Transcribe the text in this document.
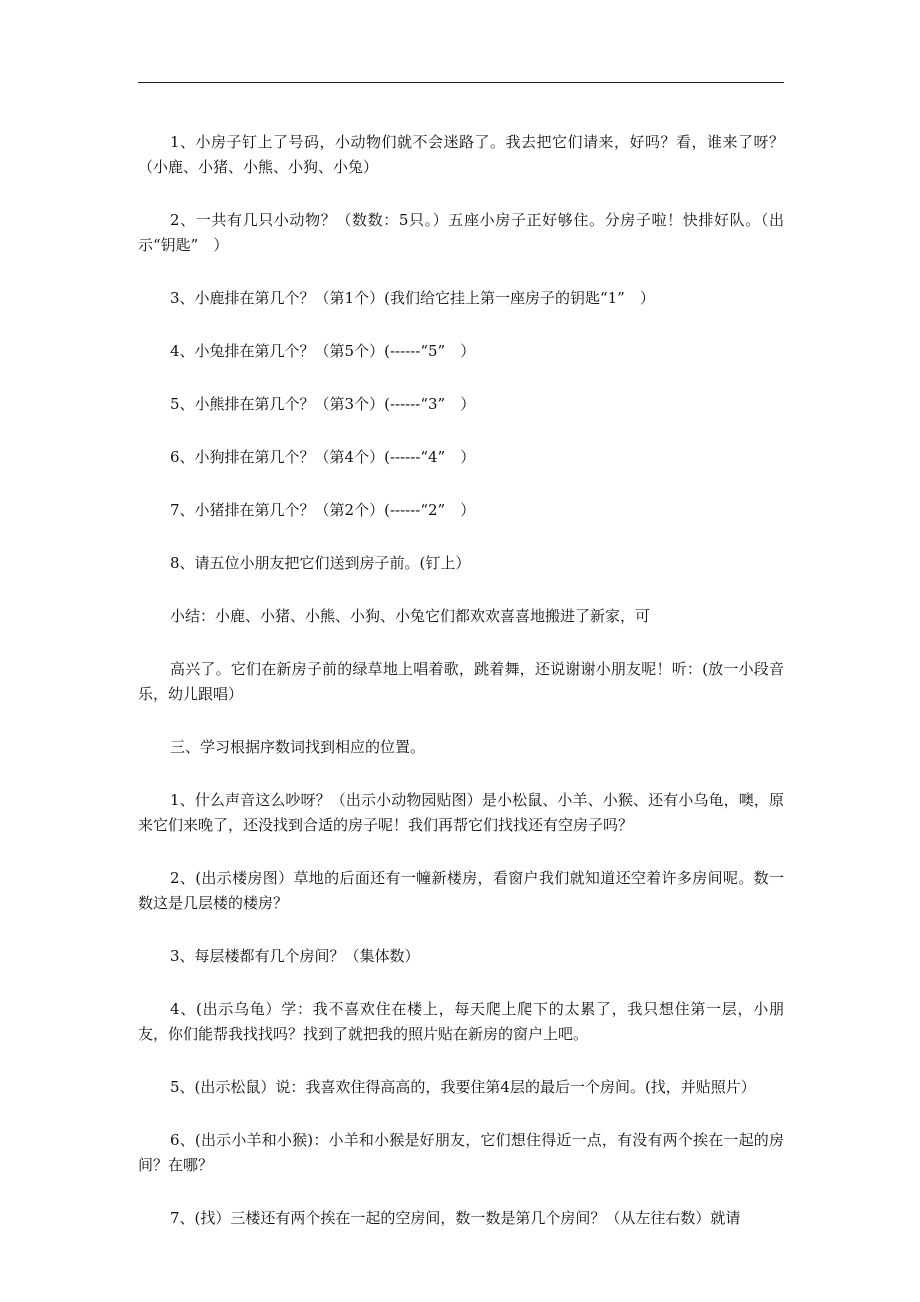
1、小房子钉上了号码，小动物们就不会迷路了。我去把它们请来，好吗？看，谁来了呀？（小鹿、小猪、小熊、小狗、小兔）

2、一共有几只小动物？（数数：5只。）五座小房子正好够住。分房子啦！快排好队。（出示“钥匙”　）

3、小鹿排在第几个？（第1个）(我们给它挂上第一座房子的钥匙“1”　）

4、小兔排在第几个？（第5个）(------“5”　）

5、小熊排在第几个？（第3个）(------“3”　）

6、小狗排在第几个？（第4个）(------“4”　）

7、小猪排在第几个？（第2个）(------“2”　）

8、请五位小朋友把它们送到房子前。(钉上）

小结：小鹿、小猪、小熊、小狗、小兔它们都欢欢喜喜地搬进了新家，可

高兴了。它们在新房子前的绿草地上唱着歌，跳着舞，还说谢谢小朋友呢！听：(放一小段音乐，幼儿跟唱）

三、学习根据序数词找到相应的位置。

1、什么声音这么吵呀？（出示小动物园贴图）是小松鼠、小羊、小猴、还有小乌龟，噢，原来它们来晚了，还没找到合适的房子呢！我们再帮它们找找还有空房子吗？

2、(出示楼房图）草地的后面还有一幢新楼房，看窗户我们就知道还空着许多房间呢。数一数这是几层楼的楼房？

3、每层楼都有几个房间？（集体数）

4、(出示乌龟）学：我不喜欢住在楼上，每天爬上爬下的太累了，我只想住第一层，小朋友，你们能帮我找找吗？找到了就把我的照片贴在新房的窗户上吧。

5、(出示松鼠）说：我喜欢住得高高的，我要住第4层的最后一个房间。(找，并贴照片）

6、(出示小羊和小猴)：小羊和小猴是好朋友，它们想住得近一点，有没有两个挨在一起的房间？在哪？

7、(找）三楼还有两个挨在一起的空房间，数一数是第几个房间？（从左往右数）就请
